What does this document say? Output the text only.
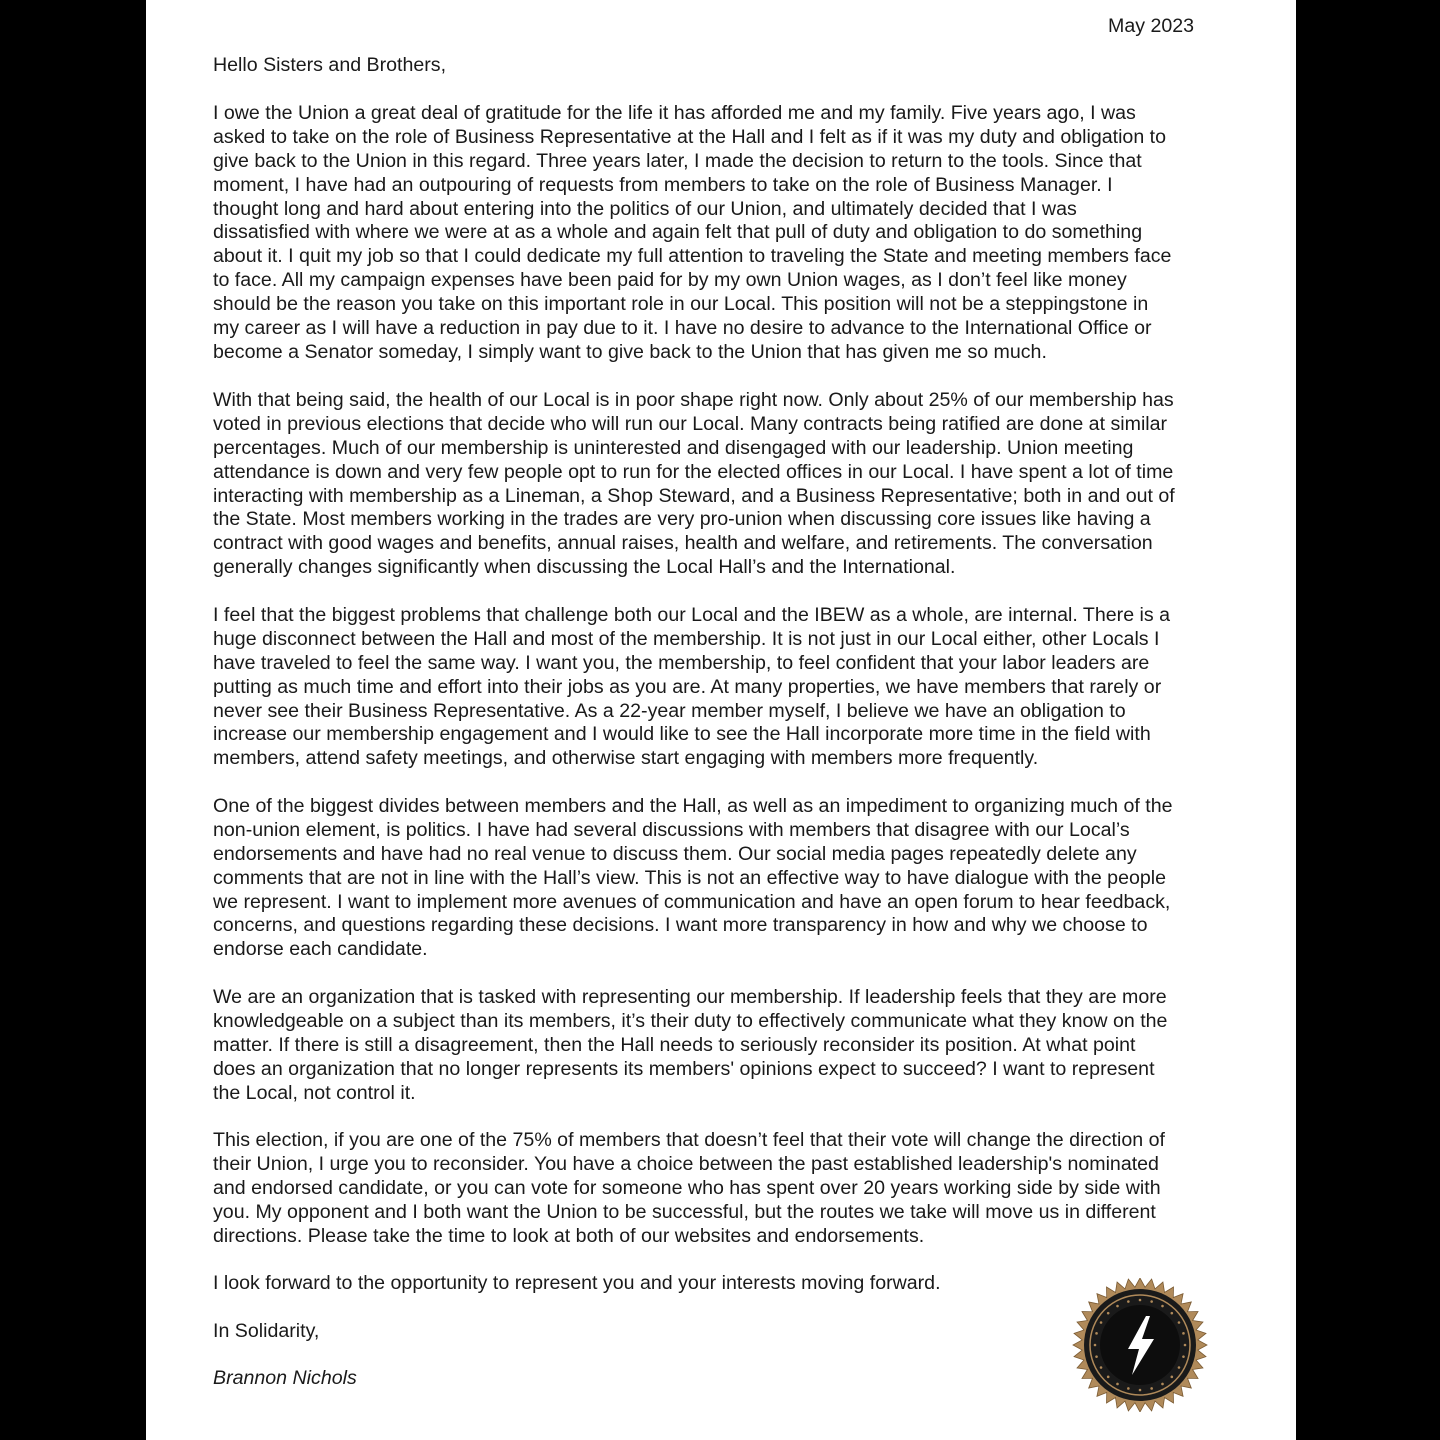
May 2023
Hello Sisters and Brothers,
I owe the Union a great deal of gratitude for the life it has afforded me and my family. Five years ago, I was
asked to take on the role of Business Representative at the Hall and I felt as if it was my duty and obligation to
give back to the Union in this regard. Three years later, I made the decision to return to the tools. Since that
moment, I have had an outpouring of requests from members to take on the role of Business Manager. I
thought long and hard about entering into the politics of our Union, and ultimately decided that I was
dissatisfied with where we were at as a whole and again felt that pull of duty and obligation to do something
about it. I quit my job so that I could dedicate my full attention to traveling the State and meeting members face
to face. All my campaign expenses have been paid for by my own Union wages, as I don’t feel like money
should be the reason you take on this important role in our Local. This position will not be a steppingstone in
my career as I will have a reduction in pay due to it. I have no desire to advance to the International Office or
become a Senator someday, I simply want to give back to the Union that has given me so much.
With that being said, the health of our Local is in poor shape right now. Only about 25% of our membership has
voted in previous elections that decide who will run our Local. Many contracts being ratified are done at similar
percentages. Much of our membership is uninterested and disengaged with our leadership. Union meeting
attendance is down and very few people opt to run for the elected offices in our Local. I have spent a lot of time
interacting with membership as a Lineman, a Shop Steward, and a Business Representative; both in and out of
the State. Most members working in the trades are very pro-union when discussing core issues like having a
contract with good wages and benefits, annual raises, health and welfare, and retirements. The conversation
generally changes significantly when discussing the Local Hall’s and the International.
I feel that the biggest problems that challenge both our Local and the IBEW as a whole, are internal. There is a
huge disconnect between the Hall and most of the membership. It is not just in our Local either, other Locals I
have traveled to feel the same way. I want you, the membership, to feel confident that your labor leaders are
putting as much time and effort into their jobs as you are. At many properties, we have members that rarely or
never see their Business Representative. As a 22-year member myself, I believe we have an obligation to
increase our membership engagement and I would like to see the Hall incorporate more time in the field with
members, attend safety meetings, and otherwise start engaging with members more frequently.
One of the biggest divides between members and the Hall, as well as an impediment to organizing much of the
non-union element, is politics. I have had several discussions with members that disagree with our Local’s
endorsements and have had no real venue to discuss them. Our social media pages repeatedly delete any
comments that are not in line with the Hall’s view. This is not an effective way to have dialogue with the people
we represent. I want to implement more avenues of communication and have an open forum to hear feedback,
concerns, and questions regarding these decisions. I want more transparency in how and why we choose to
endorse each candidate.
We are an organization that is tasked with representing our membership. If leadership feels that they are more
knowledgeable on a subject than its members, it’s their duty to effectively communicate what they know on the
matter. If there is still a disagreement, then the Hall needs to seriously reconsider its position. At what point
does an organization that no longer represents its members' opinions expect to succeed? I want to represent
the Local, not control it.
This election, if you are one of the 75% of members that doesn’t feel that their vote will change the direction of
their Union, I urge you to reconsider. You have a choice between the past established leadership's nominated
and endorsed candidate, or you can vote for someone who has spent over 20 years working side by side with
you. My opponent and I both want the Union to be successful, but the routes we take will move us in different
directions. Please take the time to look at both of our websites and endorsements.
I look forward to the opportunity to represent you and your interests moving forward.
In Solidarity,
Brannon Nichols
